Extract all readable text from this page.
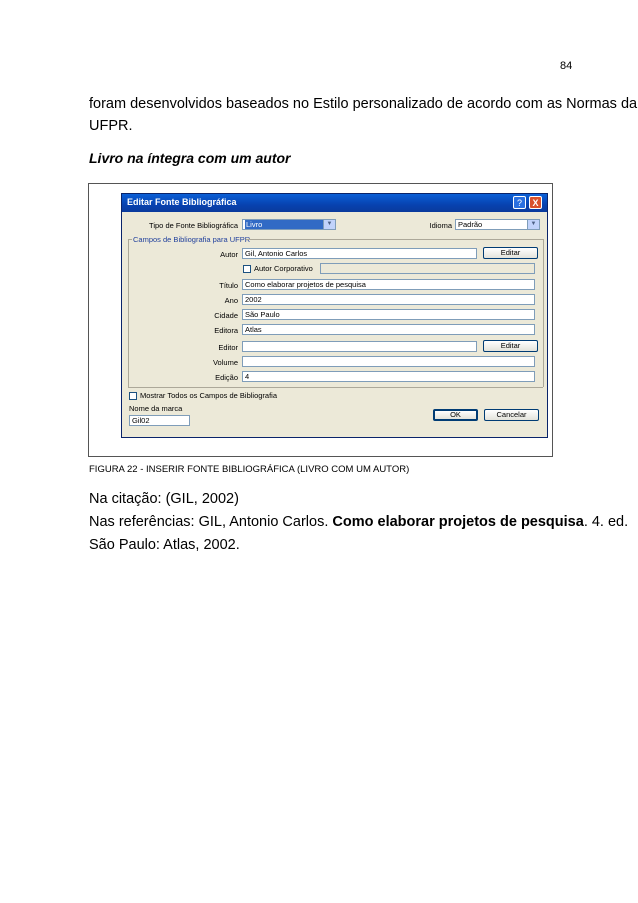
84
foram desenvolvidos baseados no Estilo personalizado de acordo com as Normas da
UFPR.
Livro na íntegra com um autor
Editar Fonte Bibliográfica	?	X
Tipo de Fonte Bibliográfica	Livro	▼	Idioma Padrão	▼
Campos de Bibliografia para UFPR
Autor Gil, Antonio Carlos	Editar
Autor Corporativo
Título Como elaborar projetos de pesquisa
Ano 2002
Cidade São Paulo
Editora Atlas
Editor	Editar
Volume
Edição 4
Mostrar Todos os Campos de Bibliografia
Nome da marca
Gil02
OK	Cancelar
FIGURA 22 - INSERIR FONTE BIBLIOGRÁFICA (LIVRO COM UM AUTOR)
Na citação: (GIL, 2002)
Nas referências: GIL, Antonio Carlos. Como elaborar projetos de pesquisa. 4. ed.
São Paulo: Atlas, 2002.
